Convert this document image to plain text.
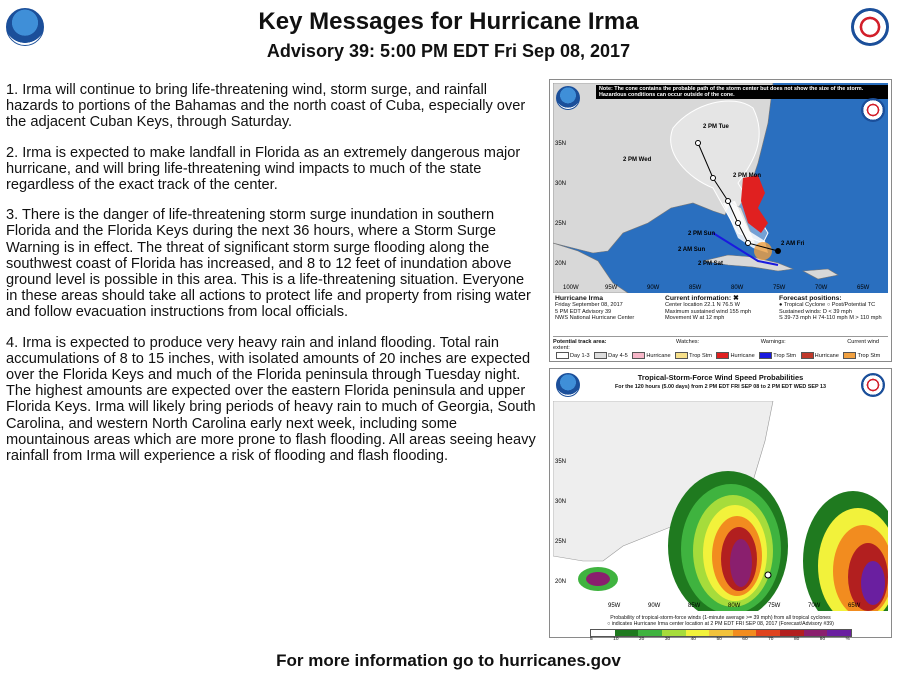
Key Messages for Hurricane Irma
Advisory 39: 5:00 PM EDT Fri Sep 08, 2017

1. Irma will continue to bring life-threatening wind, storm surge, and rainfall hazards to portions of the Bahamas and the north coast of Cuba, especially over the adjacent Cuban Keys, through Saturday.

2. Irma is expected to make landfall in Florida as an extremely dangerous major hurricane, and will bring life-threatening wind impacts to much of the state regardless of the exact track of the center.

3. There is the danger of life-threatening storm surge inundation in southern Florida and the Florida Keys during the next 36 hours, where a Storm Surge Warning is in effect. The threat of significant storm surge flooding along the southwest coast of Florida has increased, and 8 to 12 feet of inundation above ground level is possible in this area. This is a life-threatening situation. Everyone in these areas should take all actions to protect life and property from rising water and follow evacuation instructions from local officials.

4. Irma is expected to produce very heavy rain and inland flooding. Total rain accumulations of 8 to 15 inches, with isolated amounts of 20 inches are expected over the Florida Keys and much of the Florida peninsula through Tuesday night. The highest amounts are expected over the eastern Florida peninsula and upper Florida Keys. Irma will likely bring periods of heavy rain to much of Georgia, South Carolina, and western North Carolina early next week, including some mountainous areas which are more prone to flash flooding. All areas seeing heavy rainfall from Irma will experience a risk of flooding and flash flooding.

Note: The cone contains the probable path of the storm center but does not show the size of the storm. Hazardous conditions can occur outside of the cone.
2 PM Tue
2 PM Wed
2 PM Mon
2 PM Sun
2 AM Sun
2 PM Sat
2 AM Fri
35N
30N
25N
20N
100W	95W	90W	85W	80W	75W	70W	65W
Hurricane Irma
Friday September 08, 2017
5 PM EDT Advisory 39
NWS National Hurricane Center
Current information: ✖
Center location 22.1 N 76.5 W
Maximum sustained wind 155 mph
Movement W at 12 mph
Forecast positions:
● Tropical Cyclone ○ Post/Potential TC
Sustained winds: D < 39 mph
S 39-73 mph H 74-110 mph M > 110 mph
Potential track area:	Watches:	Warnings:	Current wind extent:
Day 1-3	Day 4-5	Hurricane	Trop Stm	Hurricane	Trop Stm	Hurricane	Trop Stm
Tropical-Storm-Force Wind Speed Probabilities
For the 120 hours (5.00 days) from 2 PM EDT FRI SEP 08 to 2 PM EDT WED SEP 13
35N
30N
25N
20N
95W	90W	85W	80W	75W	70W	65W
Probability of tropical-storm-force winds (1-minute average >= 39 mph) from all tropical cyclones
○ indicates Hurricane Irma center location at 2 PM EDT FRI SEP 08, 2017 (Forecast/Advisory #39)
5	10	20	30	40	50	60	70	80	90	%
For more information go to hurricanes.gov
